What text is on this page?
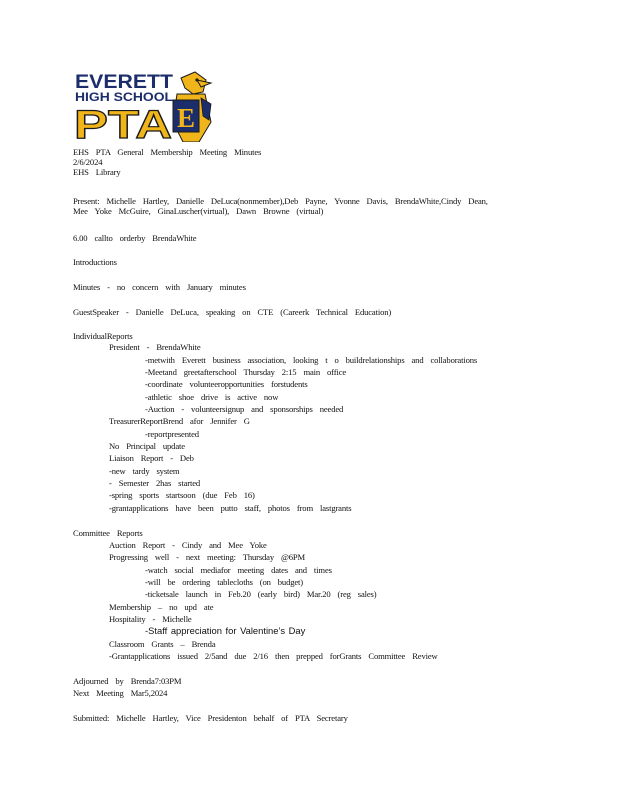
EVERETT
HIGH SCHOOL
PTA E
EHS PTA General Membership Meeting Minutes
2/6/2024
EHS Library
Present: Michelle Hartley, Danielle DeLuca(nonmember),Deb Payne, Yvonne Davis, BrendaWhite,Cindy Dean,
Mee Yoke McGuire, GinaLuscher(virtual), Dawn Browne (virtual)
6.00 callto orderby BrendaWhite
Introductions
Minutes - no concern with January minutes
GuestSpeaker - Danielle DeLuca, speaking on CTE (Careerk Technical Education)
IndividualReports
President - BrendaWhite
-metwith Everett business association, looking t o buildrelationships and collaborations
-Meetand greetafterschool Thursday 2:15 main office
-coordinate volunteeropportunities forstudents
-athletic shoe drive is active now
-Auction - volunteersignup and sponsorships needed
TreasurerReportBrend afor Jennifer G
-reportpresented
No Principal update
Liaison Report - Deb
-new tardy system
- Semester 2has started
-spring sports startsoon (due Feb 16)
-grantapplications have been putto staff, photos from lastgrants
Committee Reports
Auction Report - Cindy and Mee Yoke
Progressing well - next meeting: Thursday @6PM
-watch social mediafor meeting dates and times
-will be ordering tablecloths (on budget)
-ticketsale launch in Feb.20 (early bird) Mar.20 (reg sales)
Membership – no upd ate
Hospitality - Michelle
-Staff appreciation for Valentine’s Day
Classroom Grants – Brenda
-Grantapplications issued 2/5and due 2/16 then prepped forGrants Committee Review
Adjourned by Brenda7:03PM
Next Meeting Mar5,2024
Submitted: Michelle Hartley, Vice Presidenton behalf of PTA Secretary
